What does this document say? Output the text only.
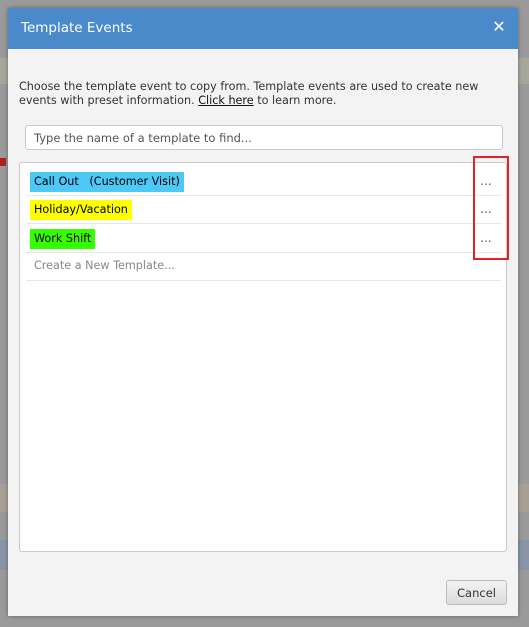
Template Events	✕
Choose the template event to copy from. Template events are used to create new events with preset information. Click here to learn more.
Type the name of a template to find...
Call Out   (Customer Visit)	...
Holiday/Vacation	...
Work Shift	...
Create a New Template...
Cancel
